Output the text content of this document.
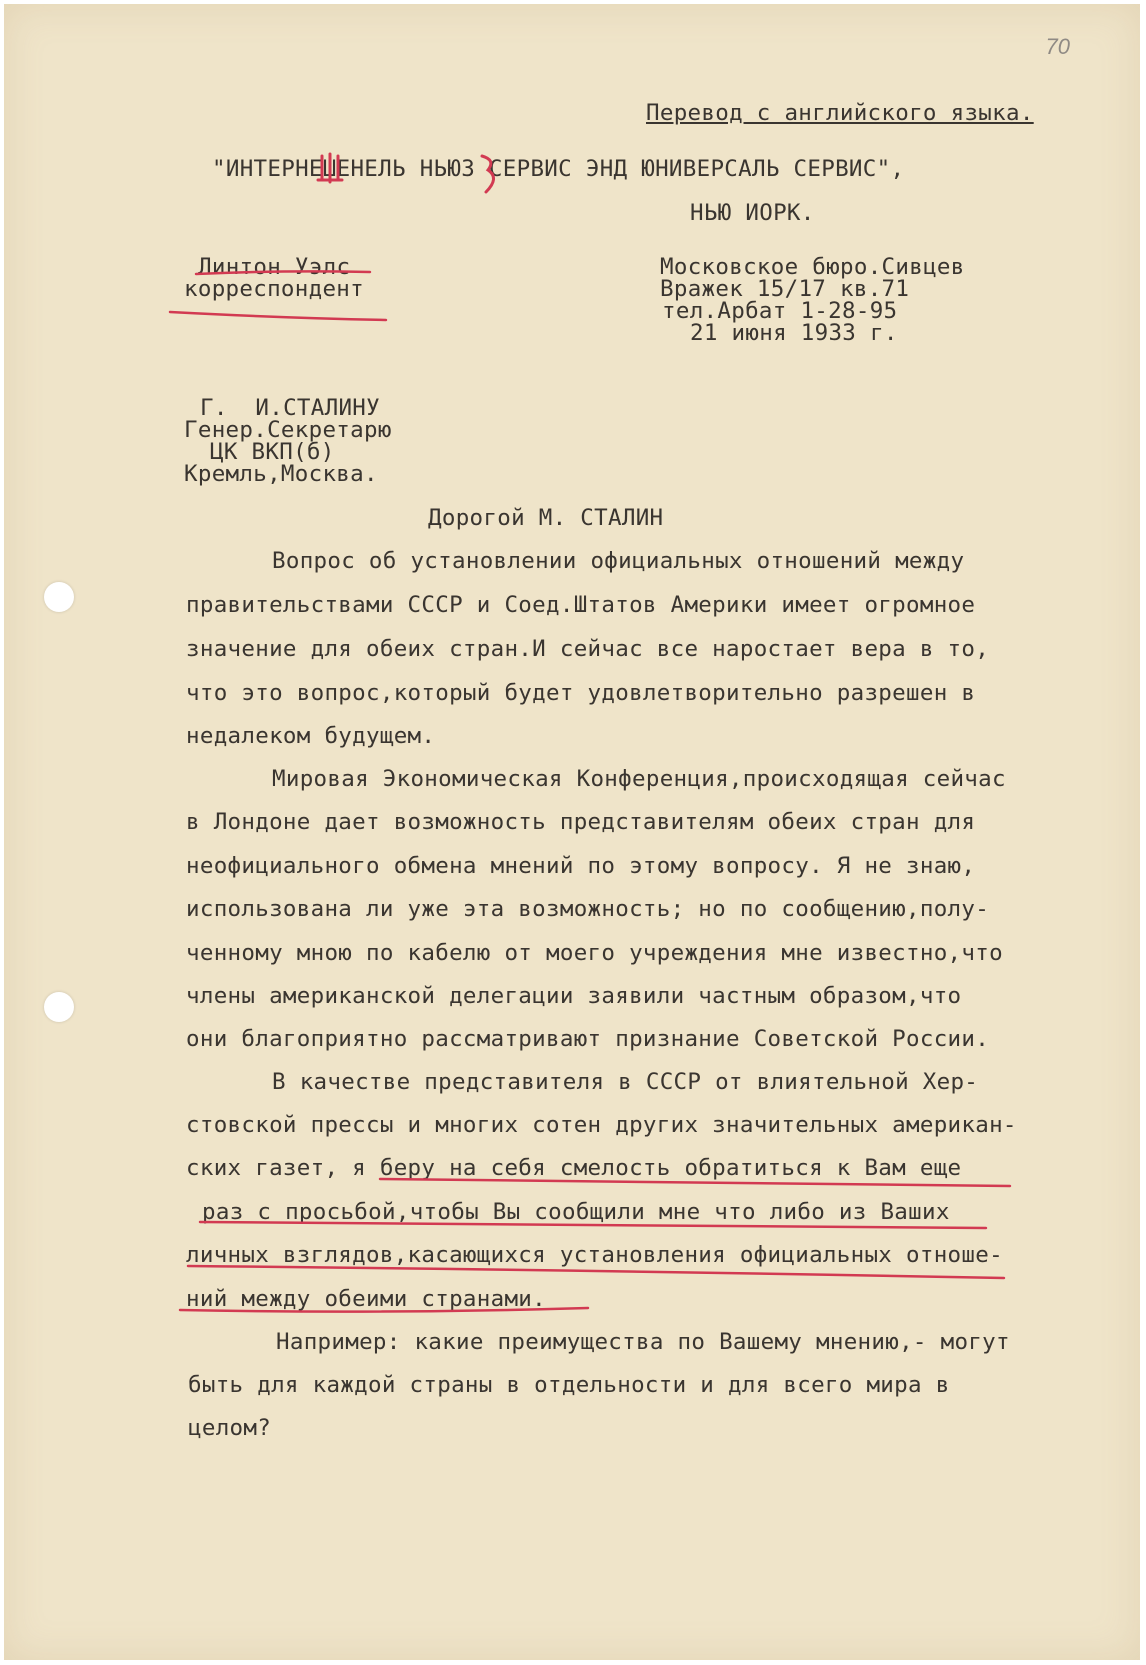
70
Перевод с английского языка.
"ИНТЕРНЕШЕНЕЛЬ НЬЮЗ СЕРВИС ЭНД ЮНИВЕРСАЛЬ СЕРВИС",
НЬЮ ИОРК.
Линтон Уэлс
корреспондент
Московское бюро.Сивцев
Вражек 15/17 кв.71
тел.Арбат 1-28-95
21 июня 1933 г.
Г.  И.СТАЛИНУ
Генер.Секретарю
ЦК ВКП(б)
Кремль,Москва.
Дорогой М. СТАЛИН
Вопрос об установлении официальных отношений между
правительствами СССР и Соед.Штатов Америки имеет огромное
значение для обеих стран.И сейчас все наростает вера в то,
что это вопрос,который будет удовлетворительно разрешен в
недалеком будущем.
Мировая Экономическая Конференция,происходящая сейчас
в Лондоне дает возможность представителям обеих стран для
неофициального обмена мнений по этому вопросу. Я не знаю,
использована ли уже эта возможность; но по сообщению,полу-
ченному мною по кабелю от моего учреждения мне известно,что
члены американской делегации заявили частным образом,что
они благоприятно рассматривают признание Советской России.
В качестве представителя в СССР от влиятельной Хер-
стовской прессы и многих сотен других значительных американ-
ских газет, я беру на себя смелость обратиться к Вам еще
раз с просьбой,чтобы Вы сообщили мне что либо из Ваших
личных взглядов,касающихся установления официальных отноше-
ний между обеими странами.
Например: какие преимущества по Вашему мнению,- могут
быть для каждой страны в отдельности и для всего мира в
целом?
